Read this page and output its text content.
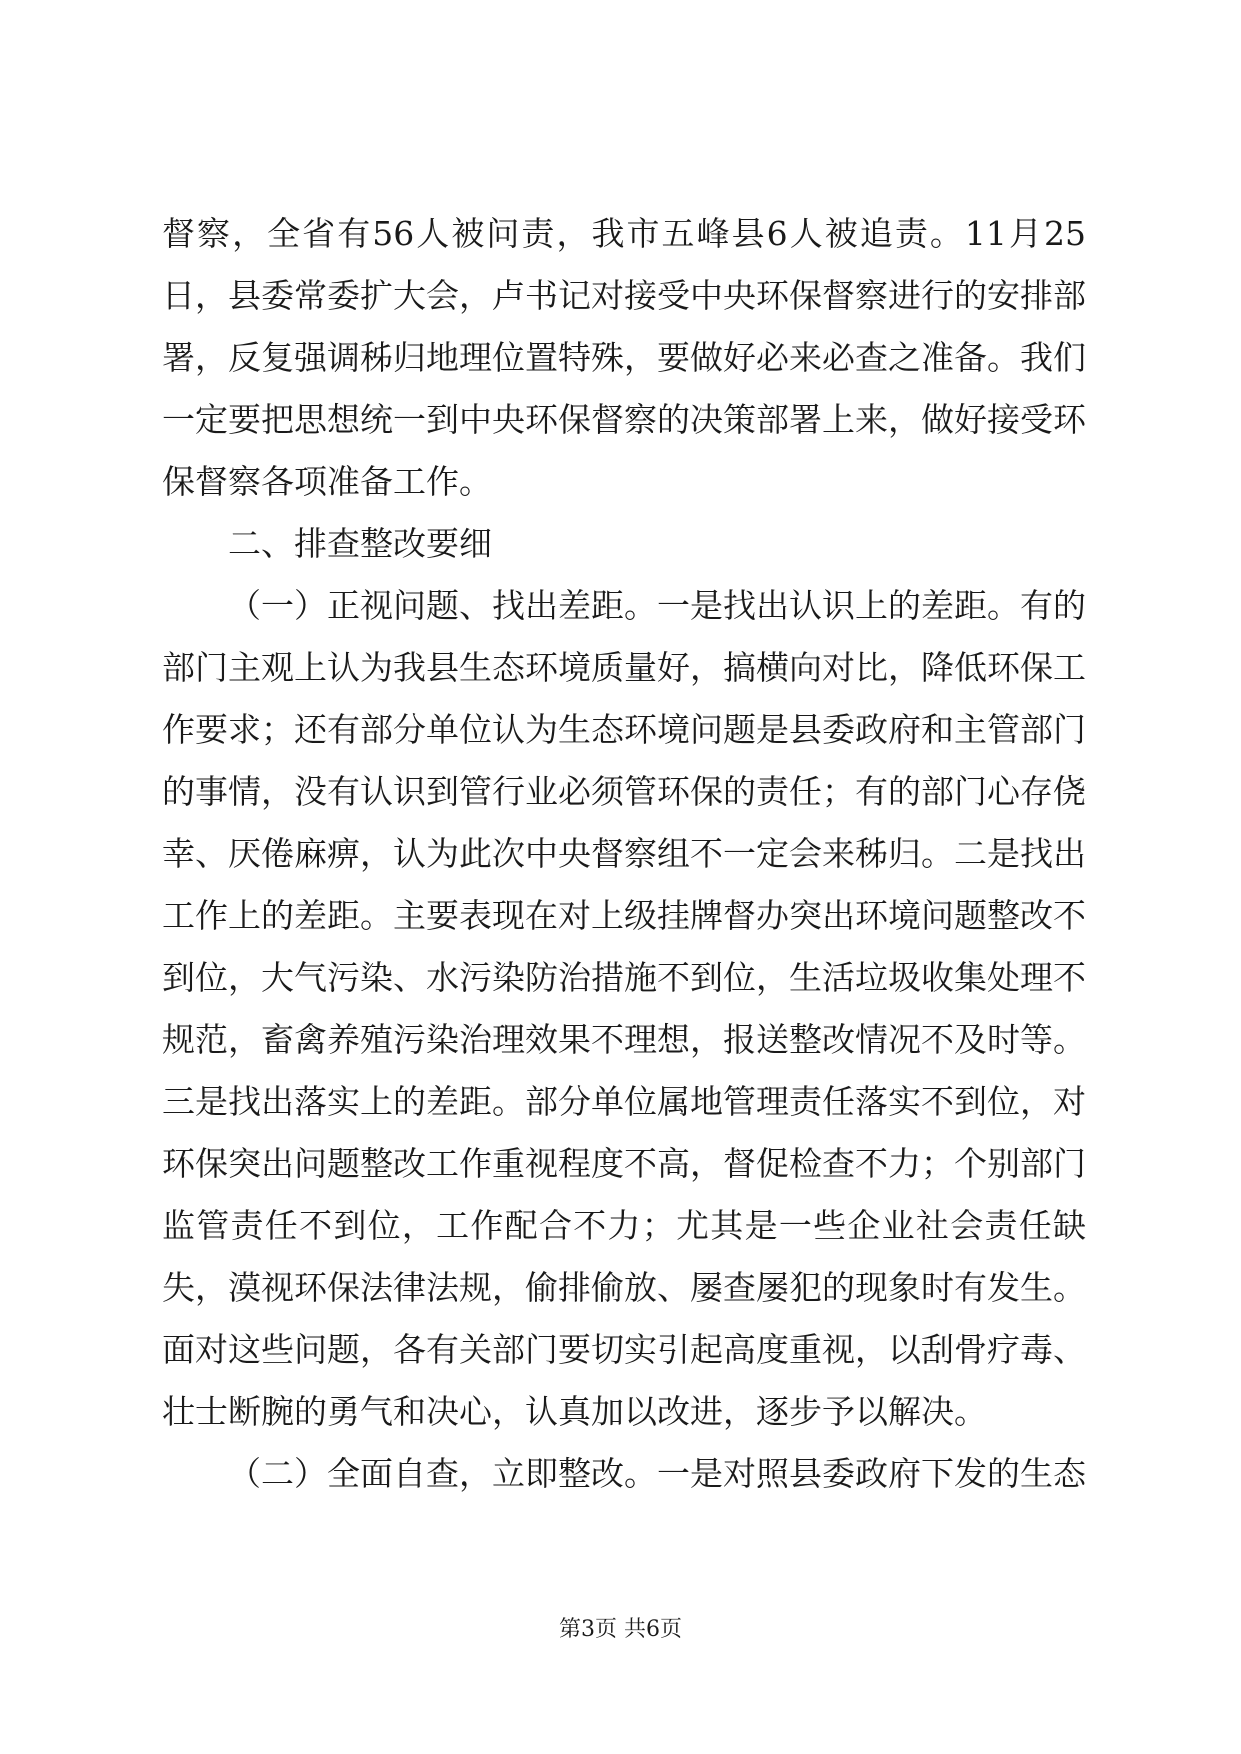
督察，全省有56人被问责，我市五峰县6人被追责。11月25日，县委常委扩大会，卢书记对接受中央环保督察进行的安排部署，反复强调秭归地理位置特殊，要做好必来必查之准备。我们一定要把思想统一到中央环保督察的决策部署上来，做好接受环保督察各项准备工作。

二、排查整改要细

（一）正视问题、找出差距。一是找出认识上的差距。有的部门主观上认为我县生态环境质量好，搞横向对比，降低环保工作要求；还有部分单位认为生态环境问题是县委政府和主管部门的事情，没有认识到管行业必须管环保的责任；有的部门心存侥幸、厌倦麻痹，认为此次中央督察组不一定会来秭归。二是找出工作上的差距。主要表现在对上级挂牌督办突出环境问题整改不到位，大气污染、水污染防治措施不到位，生活垃圾收集处理不规范，畜禽养殖污染治理效果不理想，报送整改情况不及时等。三是找出落实上的差距。部分单位属地管理责任落实不到位，对环保突出问题整改工作重视程度不高，督促检查不力；个别部门监管责任不到位，工作配合不力；尤其是一些企业社会责任缺失，漠视环保法律法规，偷排偷放、屡查屡犯的现象时有发生。面对这些问题，各有关部门要切实引起高度重视，以刮骨疗毒、壮士断腕的勇气和决心，认真加以改进，逐步予以解决。

（二）全面自查，立即整改。一是对照县委政府下发的生态

第3页 共6页
